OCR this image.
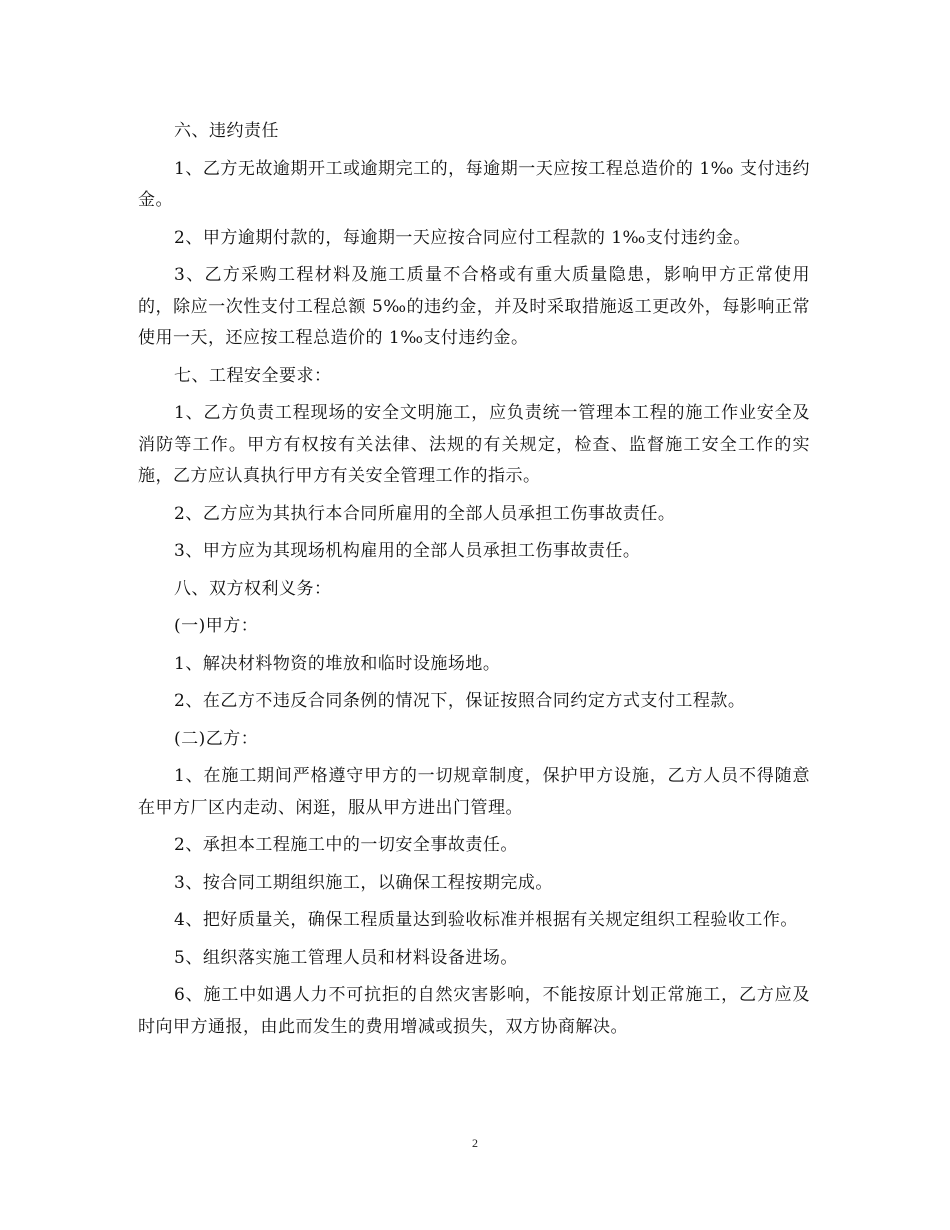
六、违约责任

1、乙方无故逾期开工或逾期完工的，每逾期一天应按工程总造价的 1‰ 支付违约金。

2、甲方逾期付款的，每逾期一天应按合同应付工程款的 1‰支付违约金。

3、乙方采购工程材料及施工质量不合格或有重大质量隐患，影响甲方正常使用的，除应一次性支付工程总额 5‰的违约金，并及时采取措施返工更改外，每影响正常使用一天，还应按工程总造价的 1‰支付违约金。

七、工程安全要求：

1、乙方负责工程现场的安全文明施工，应负责统一管理本工程的施工作业安全及消防等工作。甲方有权按有关法律、法规的有关规定，检查、监督施工安全工作的实施，乙方应认真执行甲方有关安全管理工作的指示。

2、乙方应为其执行本合同所雇用的全部人员承担工伤事故责任。

3、甲方应为其现场机构雇用的全部人员承担工伤事故责任。

八、双方权利义务：

(一)甲方：

1、解决材料物资的堆放和临时设施场地。

2、在乙方不违反合同条例的情况下，保证按照合同约定方式支付工程款。

(二)乙方：

1、在施工期间严格遵守甲方的一切规章制度，保护甲方设施，乙方人员不得随意在甲方厂区内走动、闲逛，服从甲方进出门管理。

2、承担本工程施工中的一切安全事故责任。

3、按合同工期组织施工，以确保工程按期完成。

4、把好质量关，确保工程质量达到验收标准并根据有关规定组织工程验收工作。

5、组织落实施工管理人员和材料设备进场。

6、施工中如遇人力不可抗拒的自然灾害影响，不能按原计划正常施工，乙方应及时向甲方通报，由此而发生的费用增减或损失，双方协商解决。

2
